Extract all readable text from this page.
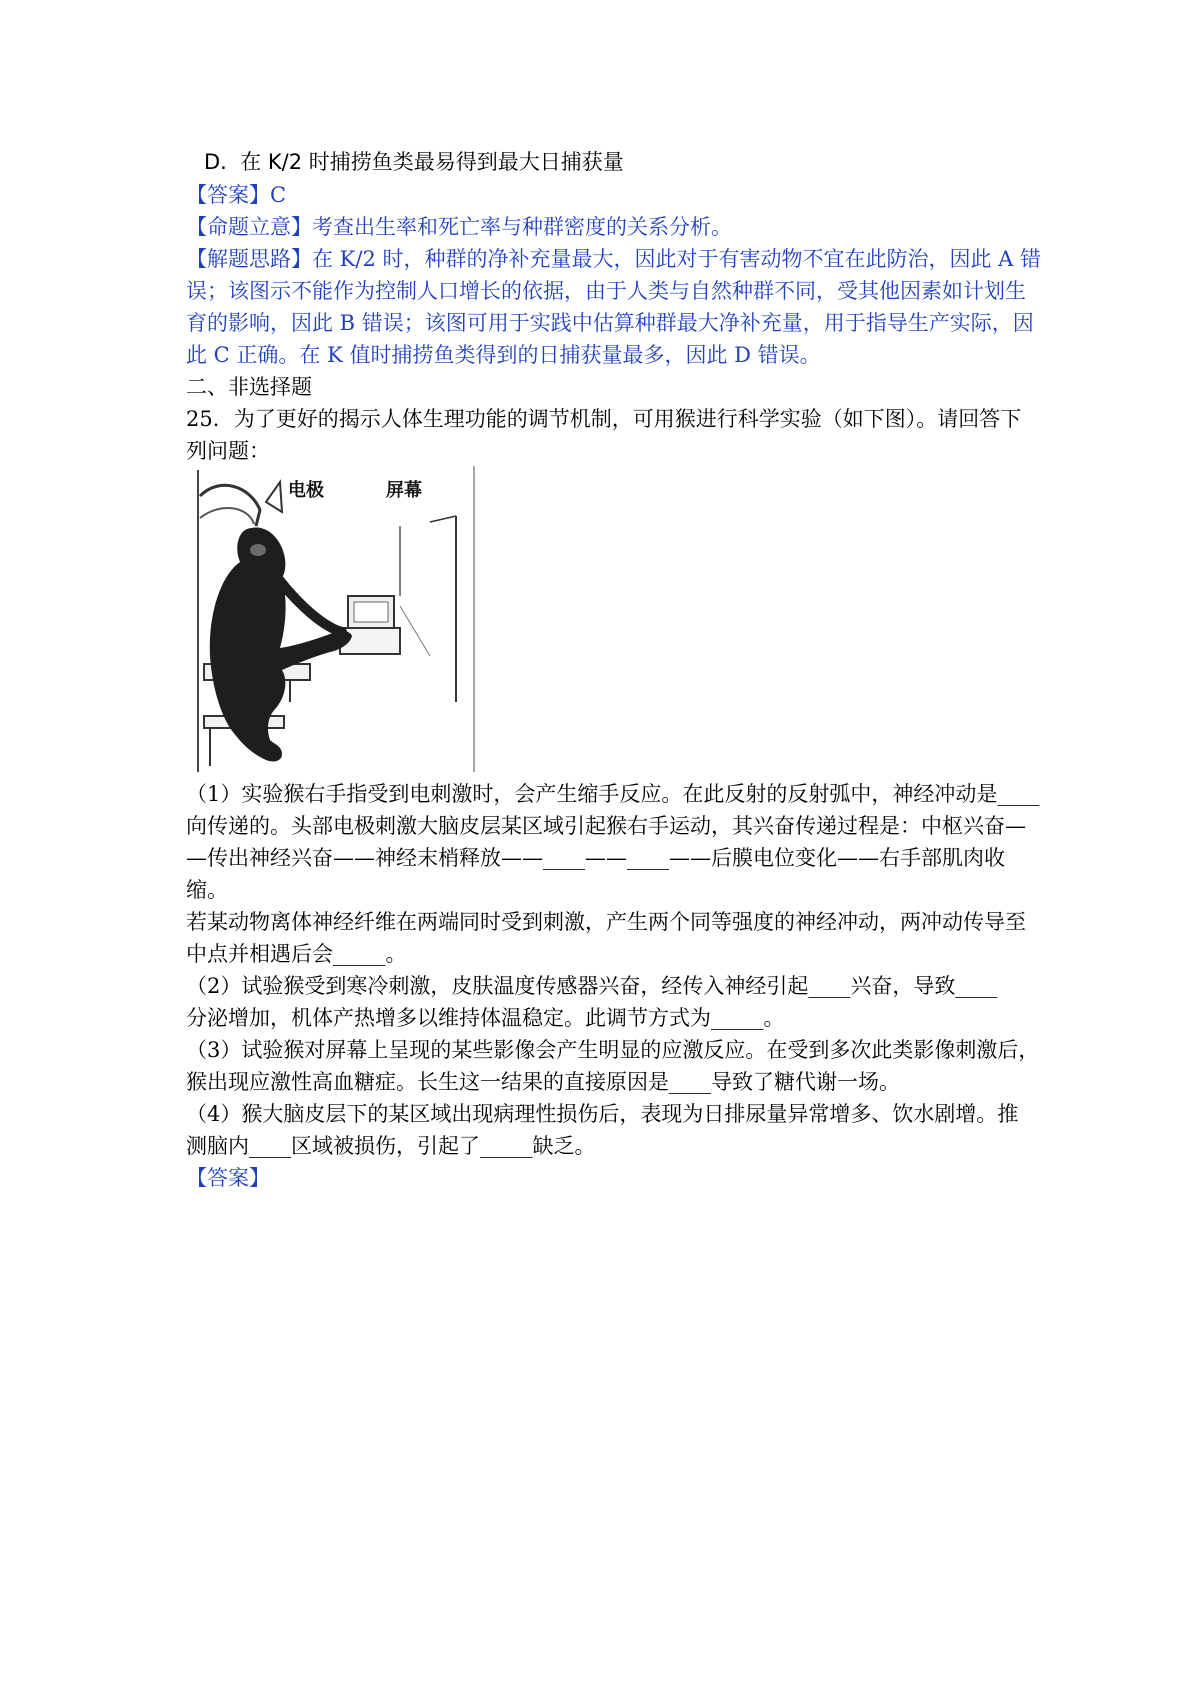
D. 在 K/2 时捕捞鱼类最易得到最大日捕获量
【答案】C
【命题立意】考查出生率和死亡率与种群密度的关系分析。
【解题思路】在 K/2 时，种群的净补充量最大，因此对于有害动物不宜在此防治，因此 A 错
误；该图示不能作为控制人口增长的依据，由于人类与自然种群不同，受其他因素如计划生
育的影响，因此 B 错误；该图可用于实践中估算种群最大净补充量，用于指导生产实际，因
此 C 正确。在 K 值时捕捞鱼类得到的日捕获量最多，因此 D 错误。
二、非选择题
25．为了更好的揭示人体生理功能的调节机制，可用猴进行科学实验（如下图）。请回答下
列问题：
电极	屏幕
（1）实验猴右手指受到电刺激时，会产生缩手反应。在此反射的反射弧中，神经冲动是____
向传递的。头部电极刺激大脑皮层某区域引起猴右手运动，其兴奋传递过程是：中枢兴奋—
—传出神经兴奋——神经末梢释放——____——____——后膜电位变化——右手部肌肉收
缩。
若某动物离体神经纤维在两端同时受到刺激，产生两个同等强度的神经冲动，两冲动传导至
中点并相遇后会_____。
（2）试验猴受到寒冷刺激，皮肤温度传感器兴奋，经传入神经引起____兴奋，导致____
分泌增加，机体产热增多以维持体温稳定。此调节方式为_____。
（3）试验猴对屏幕上呈现的某些影像会产生明显的应激反应。在受到多次此类影像刺激后，
猴出现应激性高血糖症。长生这一结果的直接原因是____导致了糖代谢一场。
（4）猴大脑皮层下的某区域出现病理性损伤后，表现为日排尿量异常增多、饮水剧增。推
测脑内____区域被损伤，引起了_____缺乏。
【答案】
